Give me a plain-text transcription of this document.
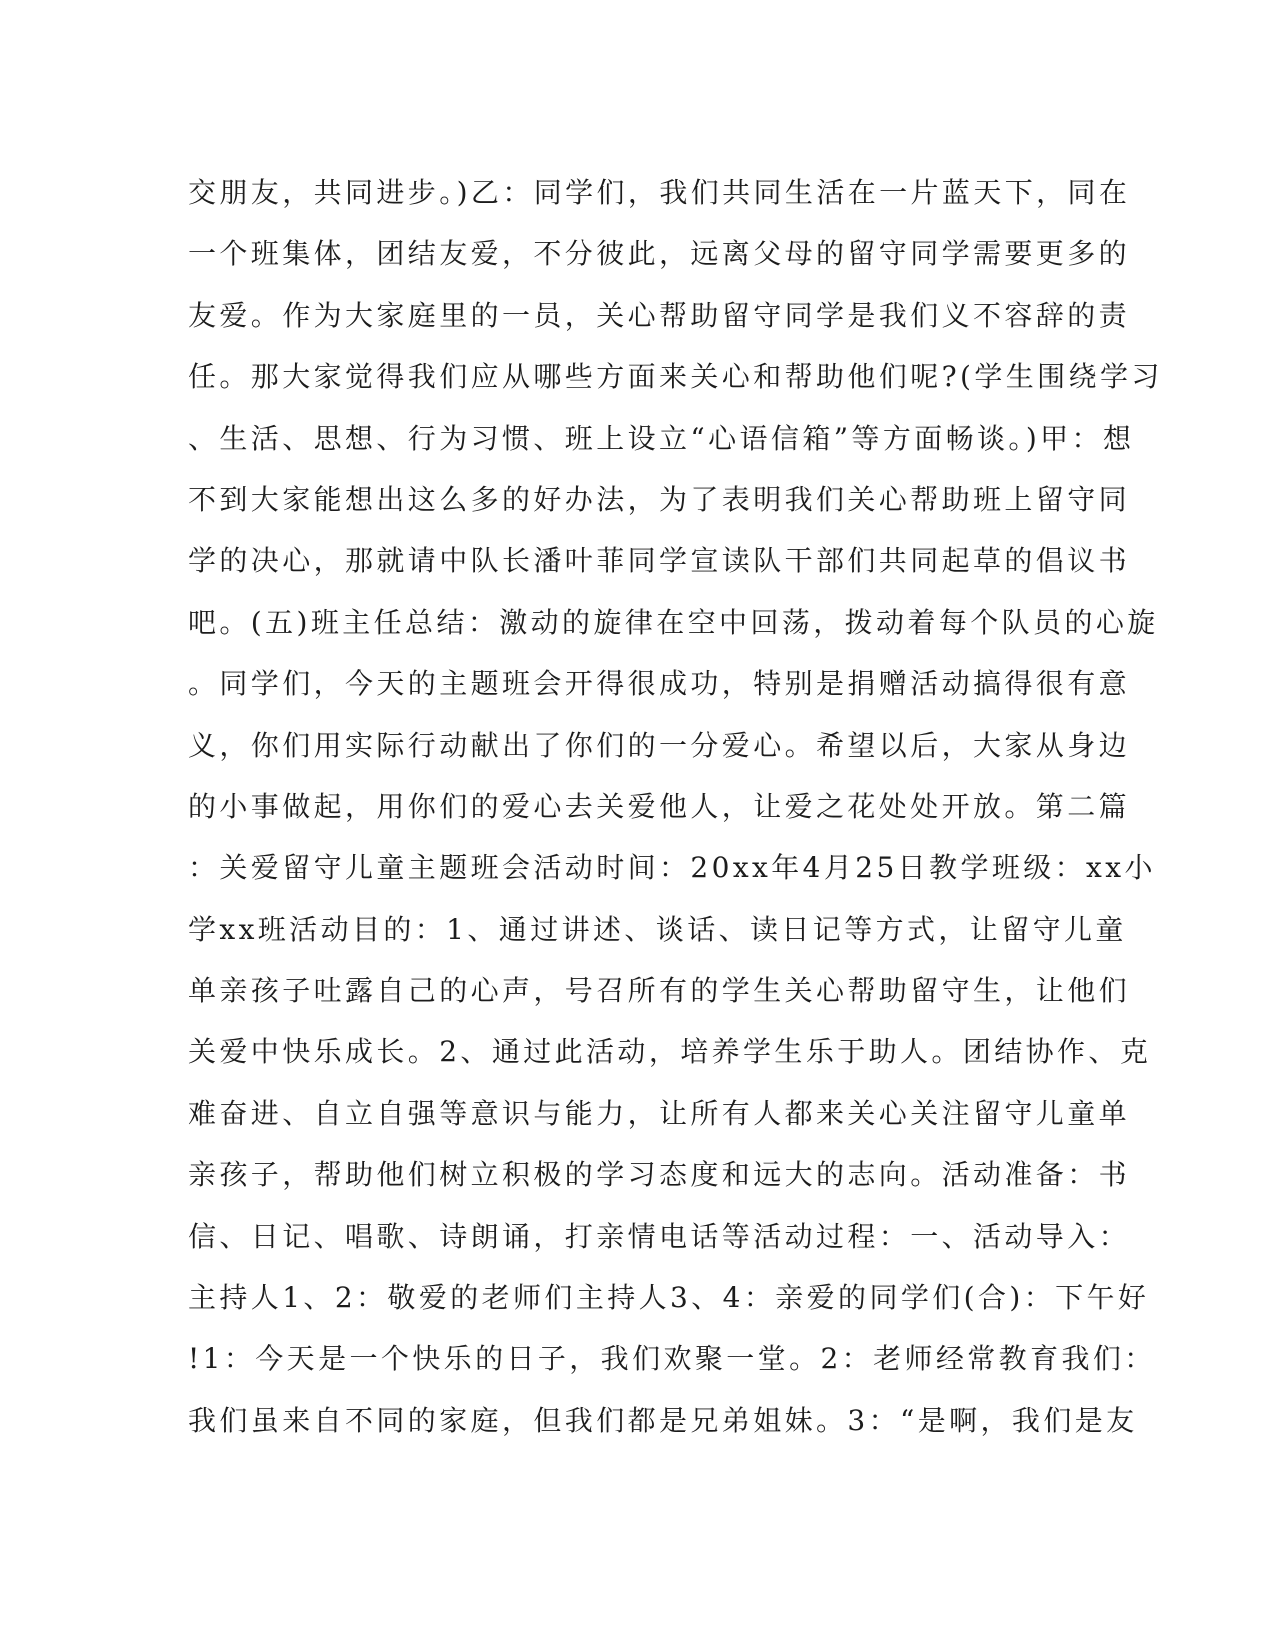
交朋友，共同进步。)乙：同学们，我们共同生活在一片蓝天下，同在
一个班集体，团结友爱，不分彼此，远离父母的留守同学需要更多的
友爱。作为大家庭里的一员，关心帮助留守同学是我们义不容辞的责
任。那大家觉得我们应从哪些方面来关心和帮助他们呢?(学生围绕学习
、生活、思想、行为习惯、班上设立“心语信箱”等方面畅谈。)甲：想
不到大家能想出这么多的好办法，为了表明我们关心帮助班上留守同
学的决心，那就请中队长潘叶菲同学宣读队干部们共同起草的倡议书
吧。(五)班主任总结：激动的旋律在空中回荡，拨动着每个队员的心旋
。同学们，今天的主题班会开得很成功，特别是捐赠活动搞得很有意
义，你们用实际行动献出了你们的一分爱心。希望以后，大家从身边
的小事做起，用你们的爱心去关爱他人，让爱之花处处开放。第二篇
：关爱留守儿童主题班会活动时间：20xx年4月25日教学班级：xx小
学xx班活动目的：1、通过讲述、谈话、读日记等方式，让留守儿童
单亲孩子吐露自己的心声，号召所有的学生关心帮助留守生，让他们
关爱中快乐成长。2、通过此活动，培养学生乐于助人。团结协作、克
难奋进、自立自强等意识与能力，让所有人都来关心关注留守儿童单
亲孩子，帮助他们树立积极的学习态度和远大的志向。活动准备：书
信、日记、唱歌、诗朗诵，打亲情电话等活动过程：一、活动导入：
主持人1、2：敬爱的老师们主持人3、4：亲爱的同学们(合)：下午好
!1：今天是一个快乐的日子，我们欢聚一堂。2：老师经常教育我们：
我们虽来自不同的家庭，但我们都是兄弟姐妹。3：“是啊，我们是友
